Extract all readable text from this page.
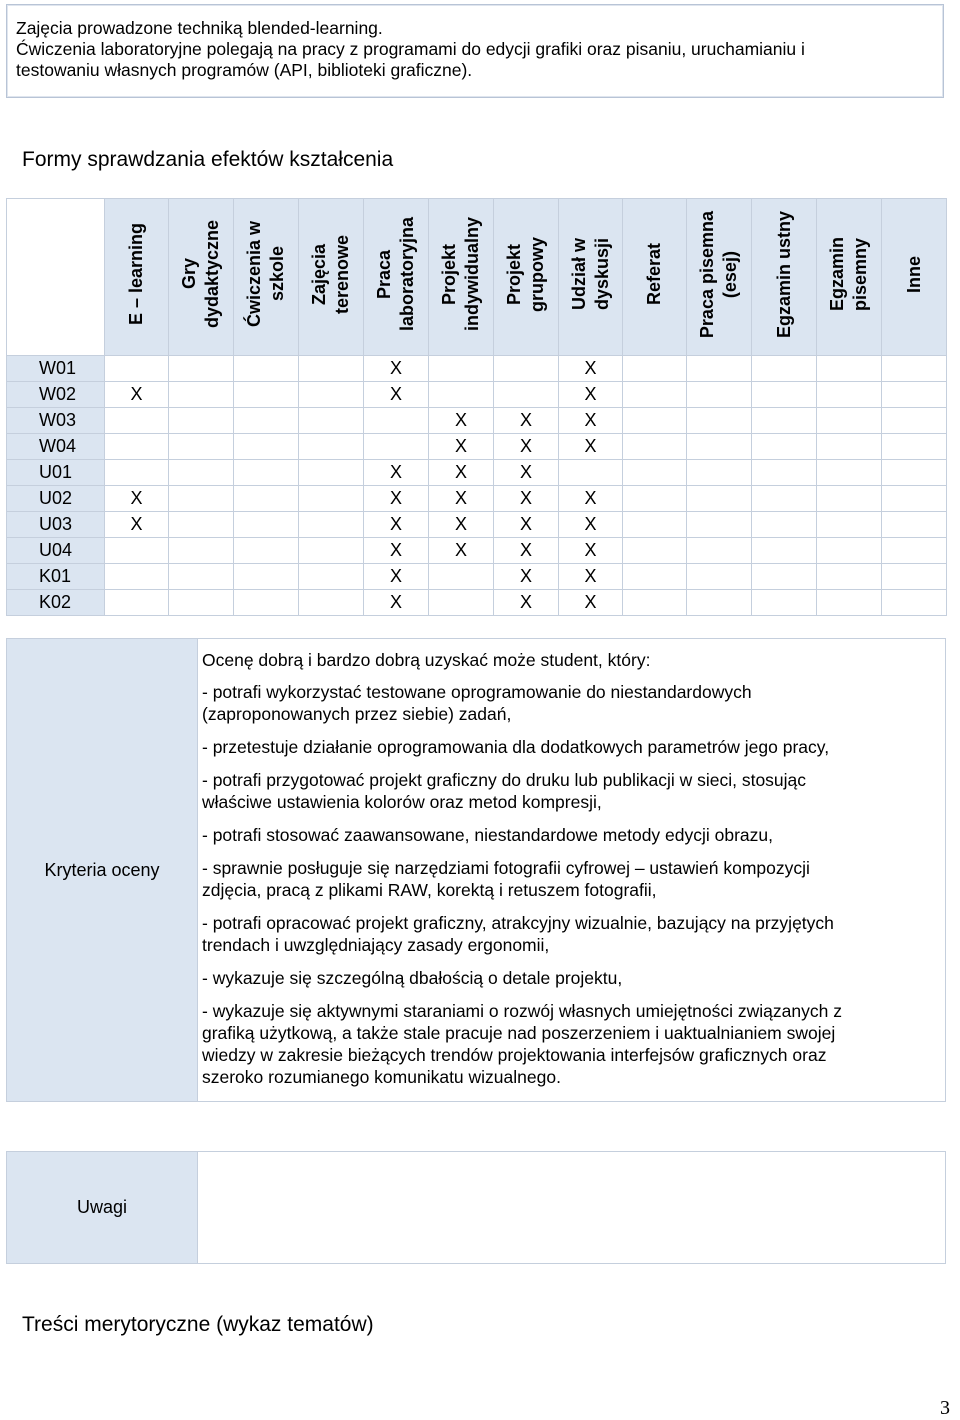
Zajęcia prowadzone techniką blended-learning.
Ćwiczenia laboratoryjne polegają na pracy z programami do edycji grafiki oraz pisaniu, uruchamianiu i
testowaniu własnych programów (API, biblioteki graficzne).
Formy sprawdzania efektów kształcenia
	E – learning	Gry dydaktyczne	Ćwiczenia w szkole	Zajęcia terenowe	Praca laboratoryjna	Projekt indywidualny	Projekt grupowy	Udział w dyskusji	Referat	Praca pisemna (esej)	Egzamin ustny	Egzamin pisemny	Inne
W01					X			X					
W02	X				X			X					
W03						X	X	X					
W04						X	X	X					
U01					X	X	X						
U02	X				X	X	X	X					
U03	X				X	X	X	X					
U04					X	X	X	X					
K01					X		X	X					
K02					X		X	X					
Kryteria oceny	
Ocenę dobrą i bardzo dobrą uzyskać może student, który:
- potrafi wykorzystać testowane oprogramowanie do niestandardowych
(zaproponowanych przez siebie) zadań,
- przetestuje działanie oprogramowania dla dodatkowych parametrów jego pracy,
- potrafi przygotować projekt graficzny do druku lub publikacji w sieci, stosując
właściwe ustawienia kolorów oraz metod kompresji,
- potrafi stosować zaawansowane, niestandardowe metody edycji obrazu,
- sprawnie posługuje się narzędziami fotografii cyfrowej – ustawień kompozycji
zdjęcia, pracą z plikami RAW, korektą i retuszem fotografii,
- potrafi opracować projekt graficzny, atrakcyjny wizualnie, bazujący na przyjętych
trendach i uwzględniający zasady ergonomii,
- wykazuje się szczególną dbałością o detale projektu,
- wykazuje się aktywnymi staraniami o rozwój własnych umiejętności związanych z
grafiką użytkową, a także stale pracuje nad poszerzeniem i uaktualnianiem swojej
wiedzy w zakresie bieżących trendów projektowania interfejsów graficznych oraz
szeroko rozumianego komunikatu wizualnego.
Uwagi	
Treści merytoryczne (wykaz tematów)
3
